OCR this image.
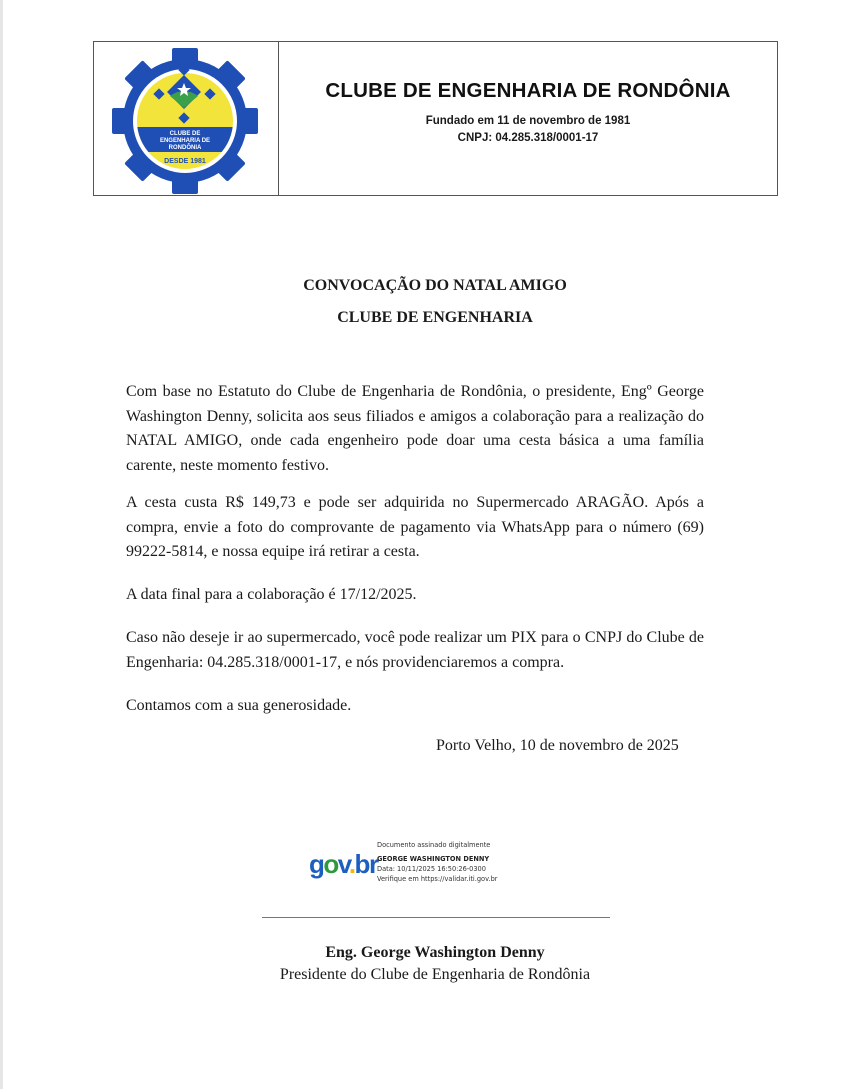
CLUBE DE
ENGENHARIA DE
RONDÔNIA
DESDE 1981
CLUBE DE ENGENHARIA DE RONDÔNIA
Fundado em 11 de novembro de 1981
CNPJ: 04.285.318/0001-17
CONVOCAÇÃO DO NATAL AMIGO
CLUBE DE ENGENHARIA
Com base no Estatuto do Clube de Engenharia de Rondônia, o presidente, Engº George Washington Denny, solicita aos seus filiados e amigos a colaboração para a realização do NATAL AMIGO, onde cada engenheiro pode doar uma cesta básica a uma família carente, neste momento festivo.
A cesta custa R$ 149,73 e pode ser adquirida no Supermercado ARAGÃO. Após a compra, envie a foto do comprovante de pagamento via WhatsApp para o número (69) 99222-5814, e nossa equipe irá retirar a cesta.
A data final para a colaboração é 17/12/2025.
Caso não deseje ir ao supermercado, você pode realizar um PIX para o CNPJ do Clube de Engenharia: 04.285.318/0001-17, e nós providenciaremos a compra.
Contamos com a sua generosidade.
Porto Velho, 10 de novembro de 2025
gov.br
Documento assinado digitalmente
GEORGE WASHINGTON DENNY
Data: 10/11/2025 16:50:26-0300
Verifique em https://validar.iti.gov.br
Eng. George Washington Denny
Presidente do Clube de Engenharia de Rondônia
